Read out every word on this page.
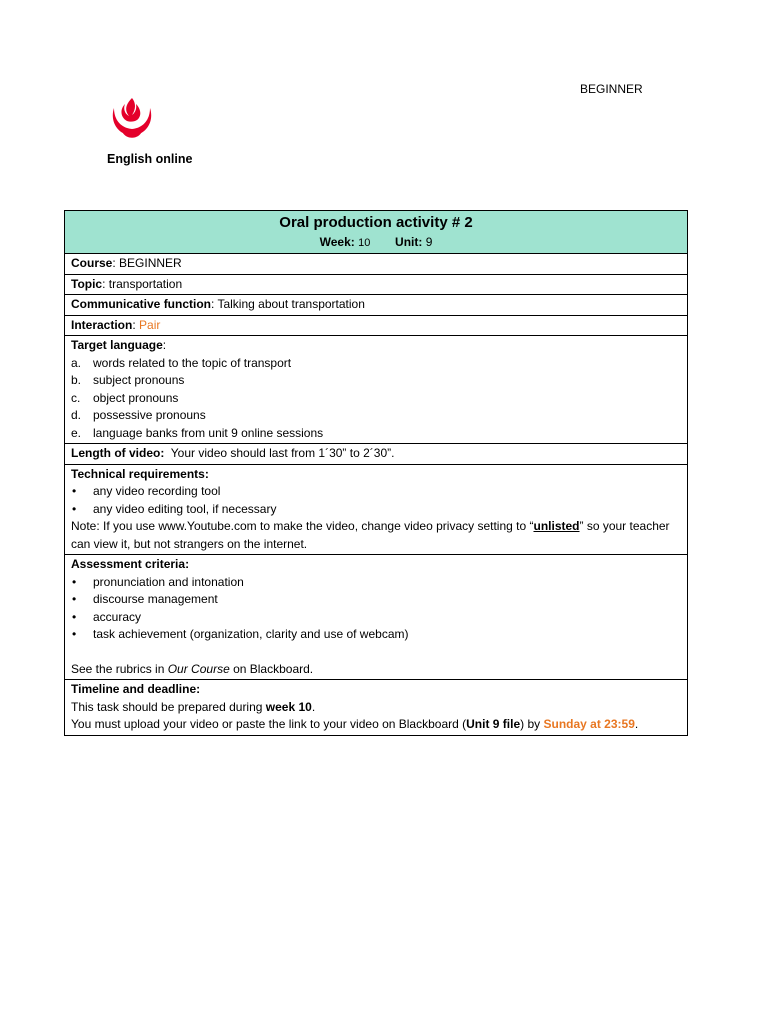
BEGINNER
English online
Oral production activity # 2
Week: 10 Unit: 9

Course: BEGINNER
Topic: transportation
Communicative function: Talking about transportation
Interaction: Pair
Target language:
a. words related to the topic of transport
b. subject pronouns
c. object pronouns
d. possessive pronouns
e. language banks from unit 9 online sessions

Length of video:  Your video should last from 1´30” to 2´30”.
Technical requirements:
• any video recording tool
• any video editing tool, if necessary
Note: If you use www.Youtube.com to make the video, change video privacy setting to “unlisted” so your teacher can view it, but not strangers on the internet.

Assessment criteria:
• pronunciation and intonation
• discourse management
• accuracy
• task achievement (organization, clarity and use of webcam)
See the rubrics in Our Course on Blackboard.

Timeline and deadline:
This task should be prepared during week 10.
You must upload your video or paste the link to your video on Blackboard (Unit 9 file) by Sunday at 23:59.
